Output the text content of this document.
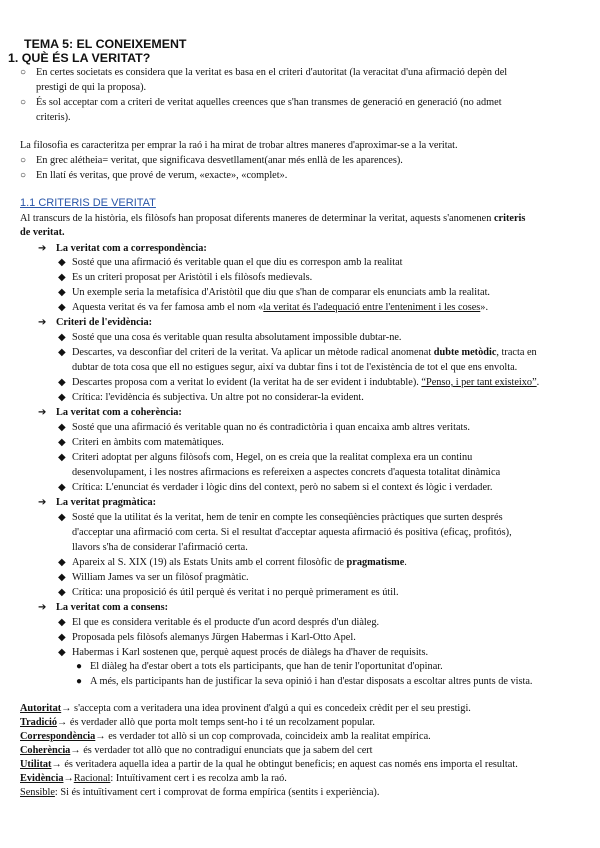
TEMA 5: EL CONEIXEMENT
1. QUÈ ÉS LA VERITAT?
○ En certes societats es considera que la veritat es basa en el criteri d'autoritat (la veracitat d'una afirmació depèn del
prestigi de qui la proposa).
○ És sol acceptar com a criteri de veritat aquelles creences que s'han transmes de generació en generació (no admet
criteris).
La filosofia es caracteritza per emprar la raó i ha mirat de trobar altres maneres d'aproximar-se a la veritat.
○ En grec alétheia= veritat, que significava desvetllament(anar més enllà de les aparences).
○ En llatí és veritas, que prové de verum, «exacte», «complet».
1.1 CRITERIS DE VERITAT
Al transcurs de la història, els filòsofs han proposat diferents maneres de determinar la veritat, aquests s'anomenen criteris
de veritat.
➔ La veritat com a correspondència:
◆ Sosté que una afirmació és veritable quan el que diu es correspon amb la realitat
◆ Es un criteri proposat per Aristòtil i els filòsofs medievals.
◆ Un exemple seria la metafísica d'Aristòtil que diu que s'han de comparar els enunciats amb la realitat.
◆ Aquesta veritat és va fer famosa amb el nom «la veritat és l'adequació entre l'enteniment i les coses».
➔ Criteri de l'evidència:
◆ Sosté que una cosa és veritable quan resulta absolutament impossible dubtar-ne.
◆ Descartes, va desconfiar del criteri de la veritat. Va aplicar un mètode radical anomenat dubte metòdic, tracta en
dubtar de tota cosa que ell no estigues segur, així va dubtar fins i tot de l'existència de tot el que ens envolta.
◆ Descartes proposa com a veritat lo evident (la veritat ha de ser evident i indubtable). “Penso, i per tant existeixo”.
◆ Crítica: l'evidència és subjectiva. Un altre pot no considerar-la evident.
➔ La veritat com a coherència:
◆ Sosté que una afirmació és veritable quan no és contradictòria i quan encaixa amb altres veritats.
◆ Criteri en àmbits com matemàtiques.
◆ Criteri adoptat per alguns filòsofs com, Hegel, on es creia que la realitat complexa era un continu
desenvolupament, i les nostres afirmacions es refereixen a aspectes concrets d'aquesta totalitat dinàmica
◆ Crítica: L'enunciat és verdader i lògic dins del context, però no sabem si el context és lògic i verdader.
➔ La veritat pragmàtica:
◆ Sosté que la utilitat és la veritat, hem de tenir en compte les conseqüències pràctiques que surten després
d'acceptar una afirmació com certa. Si el resultat d'acceptar aquesta afirmació és positiva (eficaç, profitós),
llavors s'ha de considerar l'afirmació certa.
◆ Apareix al S. XIX (19) als Estats Units amb el corrent filosòfic de pragmatisme.
◆ William James va ser un filòsof pragmàtic.
◆ Crítica: una proposició és útil perquè és veritat i no perquè primerament es útil.
➔ La veritat com a consens:
◆ El que es considera veritable és el producte d'un acord després d'un diàleg.
◆ Proposada pels filòsofs alemanys Jürgen Habermas i Karl-Otto Apel.
◆ Habermas i Karl sostenen que, perquè aquest procés de diàlegs ha d'haver de requisits.
● El diàleg ha d'estar obert a tots els participants, que han de tenir l'oportunitat d'opinar.
● A més, els participants han de justificar la seva opinió i han d'estar disposats a escoltar altres punts de vista.
Autoritat→ s'accepta com a veritadera una idea provinent d'algú a qui es concedeix crèdit per el seu prestigi.
Tradició→ és verdader allò que porta molt temps sent-ho i té un recolzament popular.
Correspondència→ es verdader tot allò si un cop comprovada, coincideix amb la realitat empírica.
Coherència→ és verdader tot allò que no contradiguí enunciats que ja sabem del cert
Utilitat→ és veritadera aquella idea a partir de la qual he obtingut beneficis; en aquest cas només ens importa el resultat.
Evidència→Racional: Intuïtivament cert i es recolza amb la raó.
Sensible: Si és intuïtivament cert i comprovat de forma empírica (sentits i experiència).
